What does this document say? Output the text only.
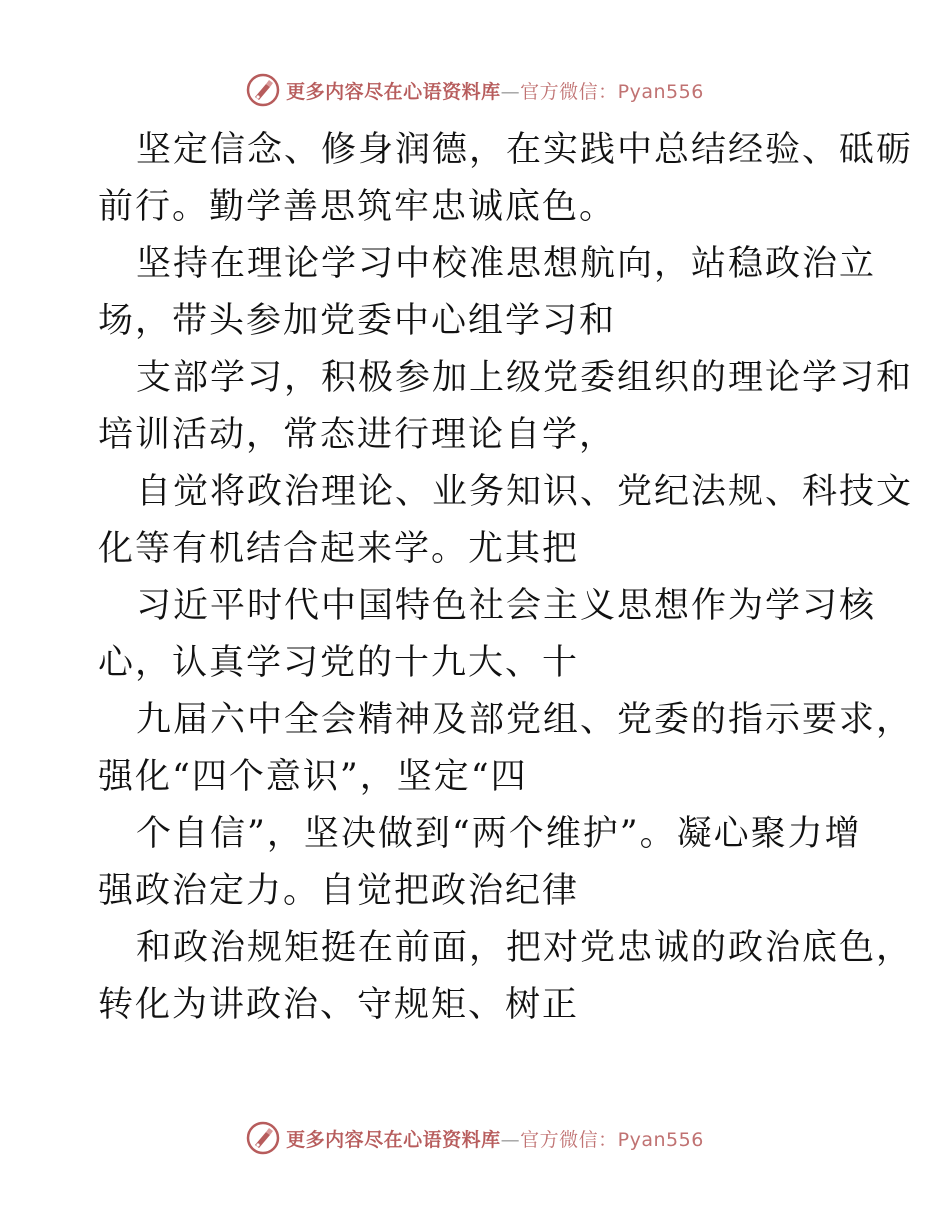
更多内容尽在心语资料库—官方微信：Pyan556
坚定信念、修身润德，在实践中总结经验、砥砺
前行。勤学善思筑牢忠诚底色。
坚持在理论学习中校准思想航向，站稳政治立
场，带头参加党委中心组学习和
支部学习，积极参加上级党委组织的理论学习和
培训活动，常态进行理论自学，
自觉将政治理论、业务知识、党纪法规、科技文
化等有机结合起来学。尤其把
习近平时代中国特色社会主义思想作为学习核
心，认真学习党的十九大、十
九届六中全会精神及部党组、党委的指示要求，
强化“四个意识”，坚定“四
个自信”，坚决做到“两个维护”。凝心聚力增
强政治定力。自觉把政治纪律
和政治规矩挺在前面，把对党忠诚的政治底色，
转化为讲政治、守规矩、树正
更多内容尽在心语资料库—官方微信：Pyan556
